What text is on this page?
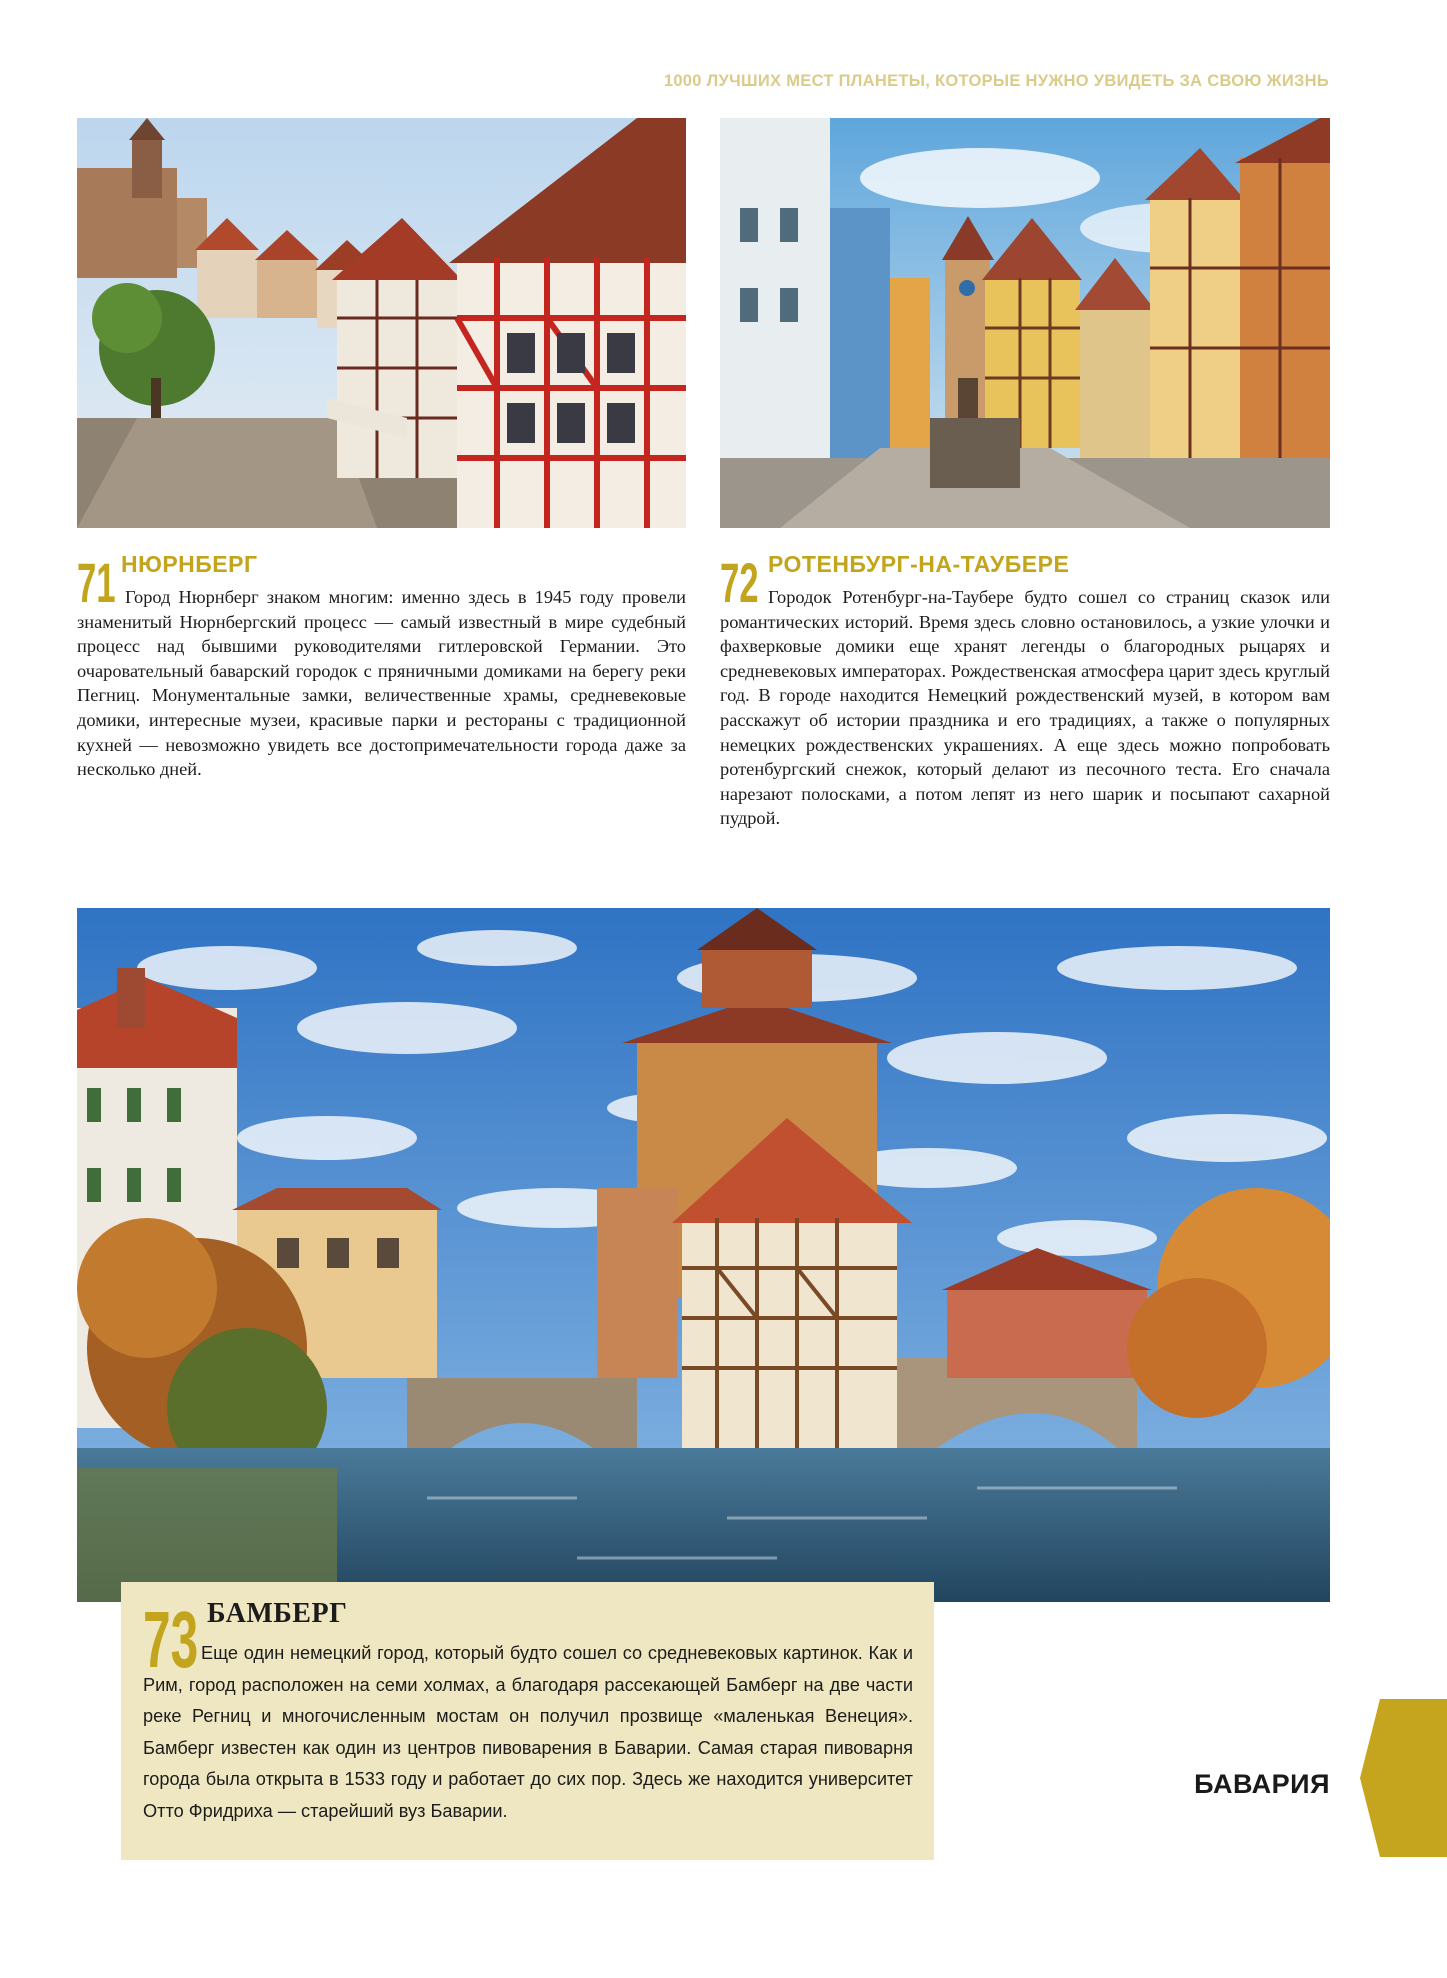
1000 ЛУЧШИХ МЕСТ ПЛАНЕТЫ, КОТОРЫЕ НУЖНО УВИДЕТЬ ЗА СВОЮ ЖИЗНЬ
71 НЮРНБЕРГ

Город Нюрнберг знаком многим: именно здесь в 1945 году провели знаменитый Нюрнбергский процесс — самый известный в мире судебный процесс над бывшими руководителями гитлеровской Германии. Это очаровательный баварский городок с пряничными домиками на берегу реки Пегниц. Монументальные замки, величественные храмы, средневековые домики, интересные музеи, красивые парки и рестораны с традиционной кухней — невозможно увидеть все достопримечательности города даже за несколько дней.

72 РОТЕНБУРГ-НА-ТАУБЕРЕ

Городок Ротенбург-на-Таубере будто сошел со страниц сказок или романтических историй. Время здесь словно остановилось, а узкие улочки и фахверковые домики еще хранят легенды о благородных рыцарях и средневековых императорах. Рождественская атмосфера царит здесь круглый год. В городе находится Немецкий рождественский музей, в котором вам расскажут об истории праздника и его традициях, а также о популярных немецких рождественских украшениях. А еще здесь можно попробовать ротенбургский снежок, который делают из песочного теста. Его сначала нарезают полосками, а потом лепят из него шарик и посыпают сахарной пудрой.

73 БАМБЕРГ

Еще один немецкий город, который будто сошел со средневековых картинок. Как и Рим, город расположен на семи холмах, а благодаря рассекающей Бамберг на две части реке Регниц и многочисленным мостам он получил прозвище «маленькая Венеция». Бамберг известен как один из центров пивоварения в Баварии. Самая старая пивоварня города была открыта в 1533 году и работает до сих пор. Здесь же находится университет Отто Фридриха — старейший вуз Баварии.

БАВАРИЯ
